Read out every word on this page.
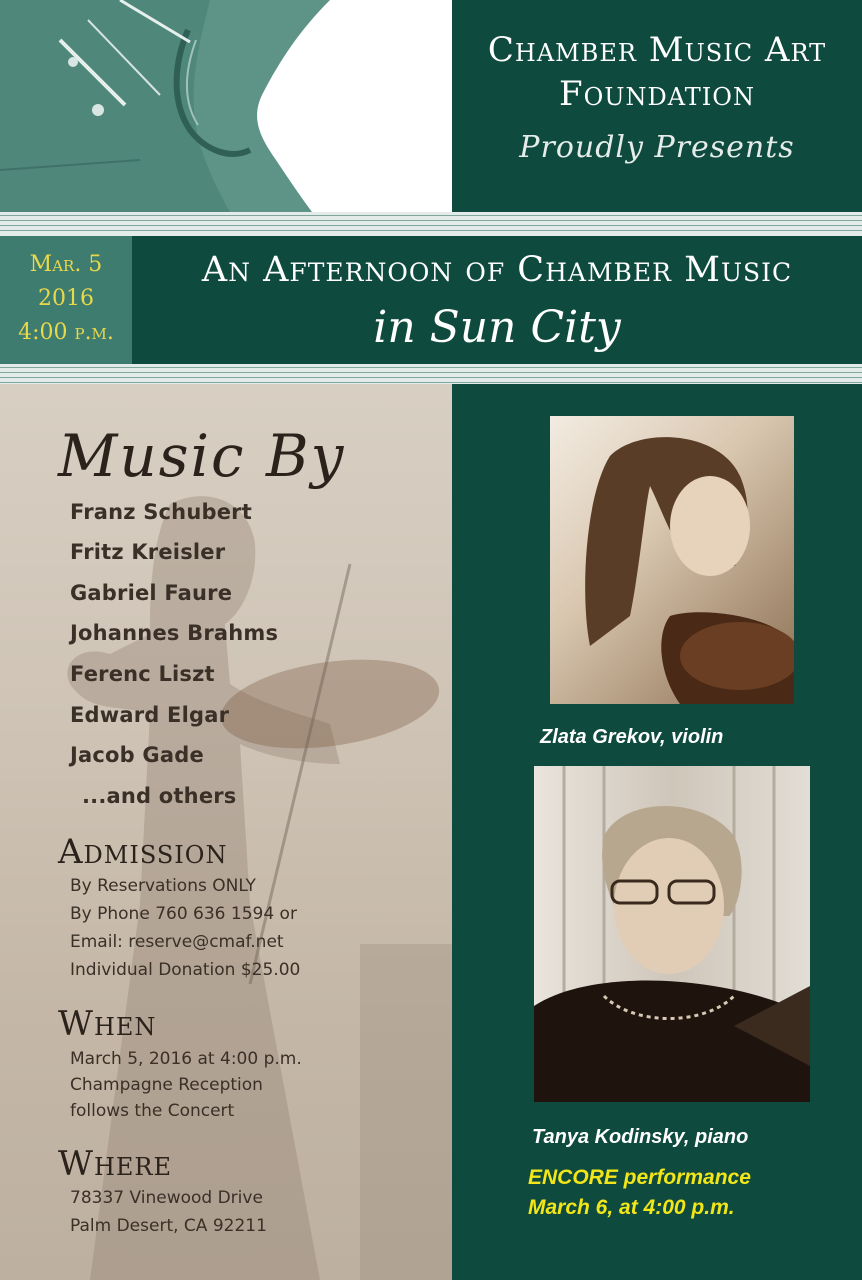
Chamber Music Art
Foundation
Proudly Presents
Mar. 5
2016
4:00 p.m.
An Afternoon of Chamber Music
in Sun City
Music By
Franz Schubert
Fritz Kreisler
Gabriel Faure
Johannes Brahms
Ferenc Liszt
Edward Elgar
Jacob Gade
...and others
Admission
By Reservations ONLY
By Phone 760 636 1594 or
Email: reserve@cmaf.net
Individual Donation $25.00
When
March 5, 2016 at 4:00 p.m.
Champagne Reception
follows the Concert
Where
78337 Vinewood Drive
Palm Desert, CA 92211
Zlata Grekov, violin
Tanya Kodinsky, piano
ENCORE performance
March 6, at 4:00 p.m.
